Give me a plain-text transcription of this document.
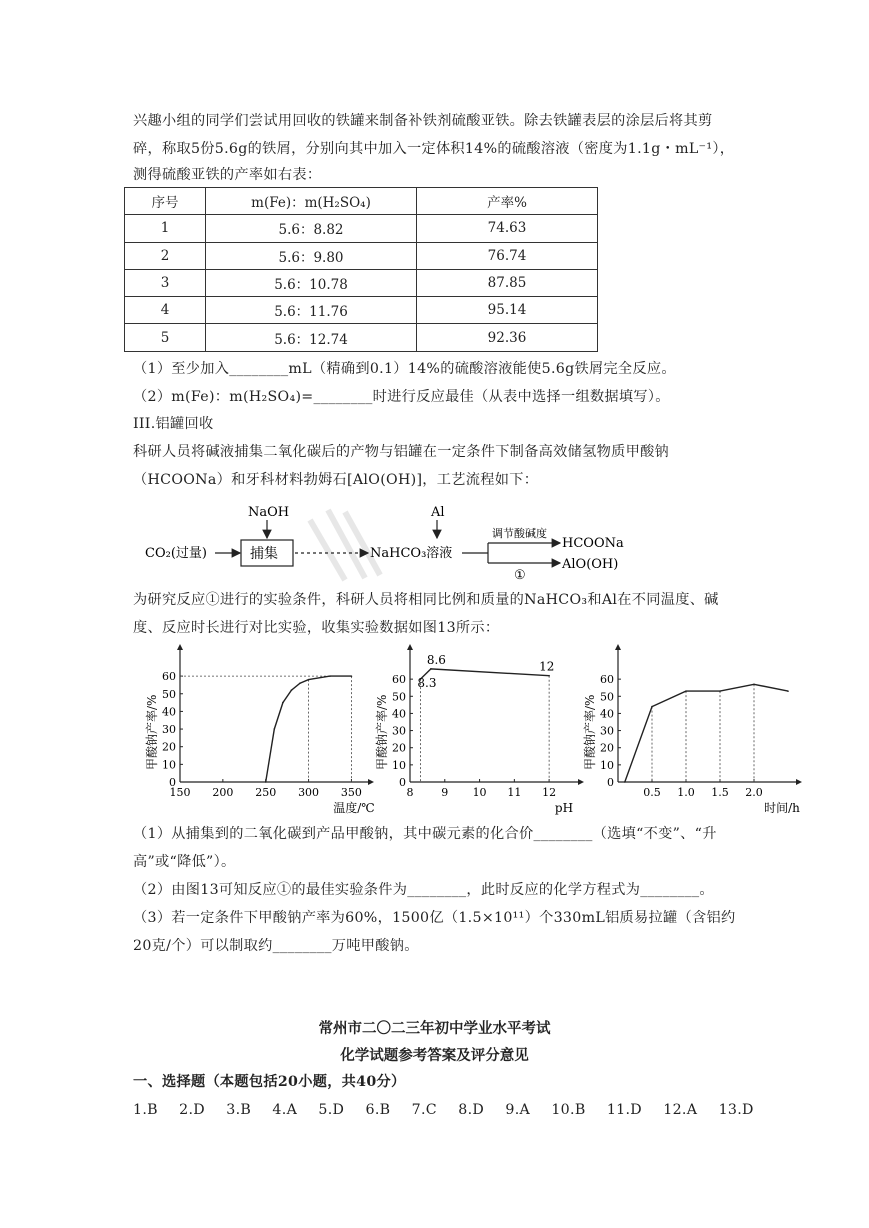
兴趣小组的同学们尝试用回收的铁罐来制备补铁剂硫酸亚铁。除去铁罐表层的涂层后将其剪
碎，称取5份5.6g的铁屑，分别向其中加入一定体积14%的硫酸溶液（密度为1.1g・mL⁻¹），
测得硫酸亚铁的产率如右表：
序号	m(Fe)：m(H₂SO₄)	产率%
1	5.6：8.82	74.63
2	5.6：9.80	76.74
3	5.6：10.78	87.85
4	5.6：11.76	95.14
5	5.6：12.74	92.36
（1）至少加入________mL（精确到0.1）14%的硫酸溶液能使5.6g铁屑完全反应。
（2）m(Fe)：m(H₂SO₄)=________时进行反应最佳（从表中选择一组数据填写）。
III.铝罐回收
科研人员将碱液捕集二氧化碳后的产物与铝罐在一定条件下制备高效储氢物质甲酸钠
（HCOONa）和牙科材料勃姆石[AlO(OH)]，工艺流程如下：
CO₂(过量)	捕集
NaOH
NaHCO₃溶液
Al
调节酸碱度
①
HCOONa
AlO(OH)
为研究反应①进行的实验条件，科研人员将相同比例和质量的NaHCO₃和Al在不同温度、碱
度、反应时长进行对比实验，收集实验数据如图13所示：
0
10
20
30
40
50
60
150 200 250 300 350
甲酸钠产率/%
温度/℃
0
10
20
30
40
50
60
8	9 10 11 12
甲酸钠产率/%
pH
8.3
8.6	12
0
10
20
30
40
50
60
0.5 1.0 1.5 2.0
甲酸钠产率/%
时间/h
（1）从捕集到的二氧化碳到产品甲酸钠，其中碳元素的化合价________（选填“不变”、“升
高”或“降低”）。
（2）由图13可知反应①的最佳实验条件为________，此时反应的化学方程式为________。
（3）若一定条件下甲酸钠产率为60%，1500亿（1.5×10¹¹）个330mL铝质易拉罐（含铝约
20克/个）可以制取约________万吨甲酸钠。
常州市二〇二三年初中学业水平考试
化学试题参考答案及评分意见
一、选择题（本题包括20小题，共40分）
1.B　 2.D　 3.B　 4.A　 5.D　 6.B　 7.C　 8.D　 9.A　 10.B　 11.D　 12.A　 13.D
